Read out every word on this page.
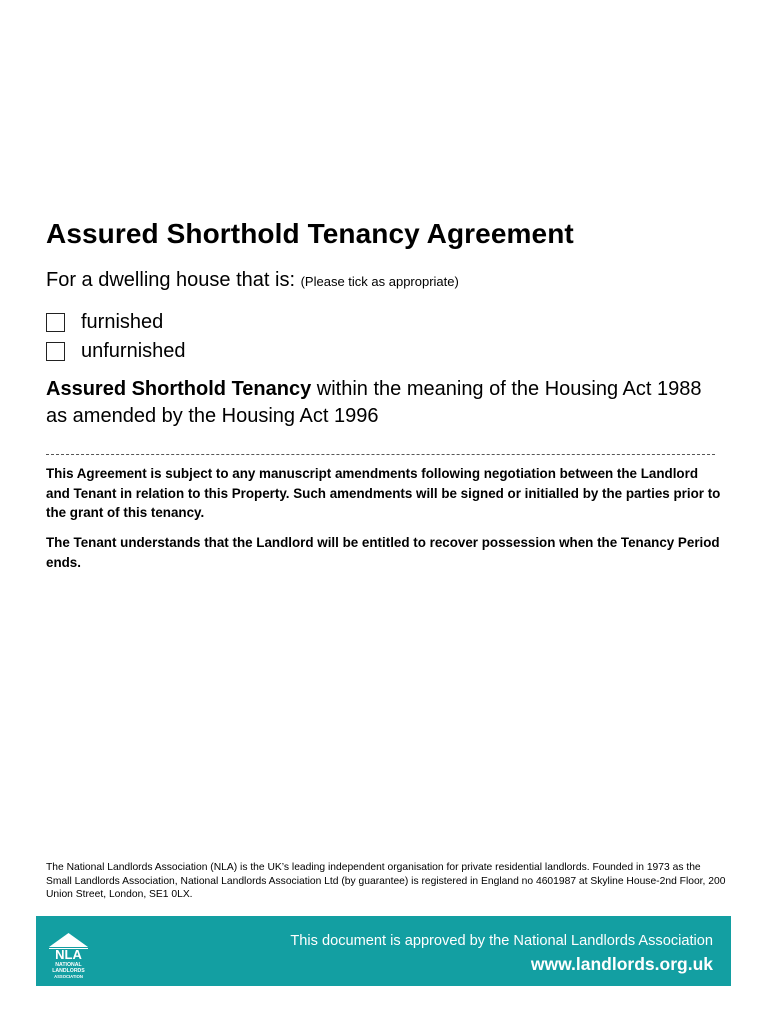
Assured Shorthold Tenancy Agreement
For a dwelling house that is: (Please tick as appropriate)
furnished
unfurnished
Assured Shorthold Tenancy within the meaning of the Housing Act 1988 as amended by the Housing Act 1996

This Agreement is subject to any manuscript amendments following negotiation between the Landlord and Tenant in relation to this Property. Such amendments will be signed or initialled by the parties prior to the grant of this tenancy.

The Tenant understands that the Landlord will be entitled to recover possession when the Tenancy Period ends.

The National Landlords Association (NLA) is the UK’s leading independent organisation for private residential landlords. Founded in 1973 as the Small Landlords Association, National Landlords Association Ltd (by guarantee) is registered in England no 4601987 at Skyline House-2nd Floor, 200 Union Street, London, SE1 0LX.
NLA
NATIONAL
LANDLORDS
ASSOCIATION
This document is approved by the National Landlords Association
www.landlords.org.uk
